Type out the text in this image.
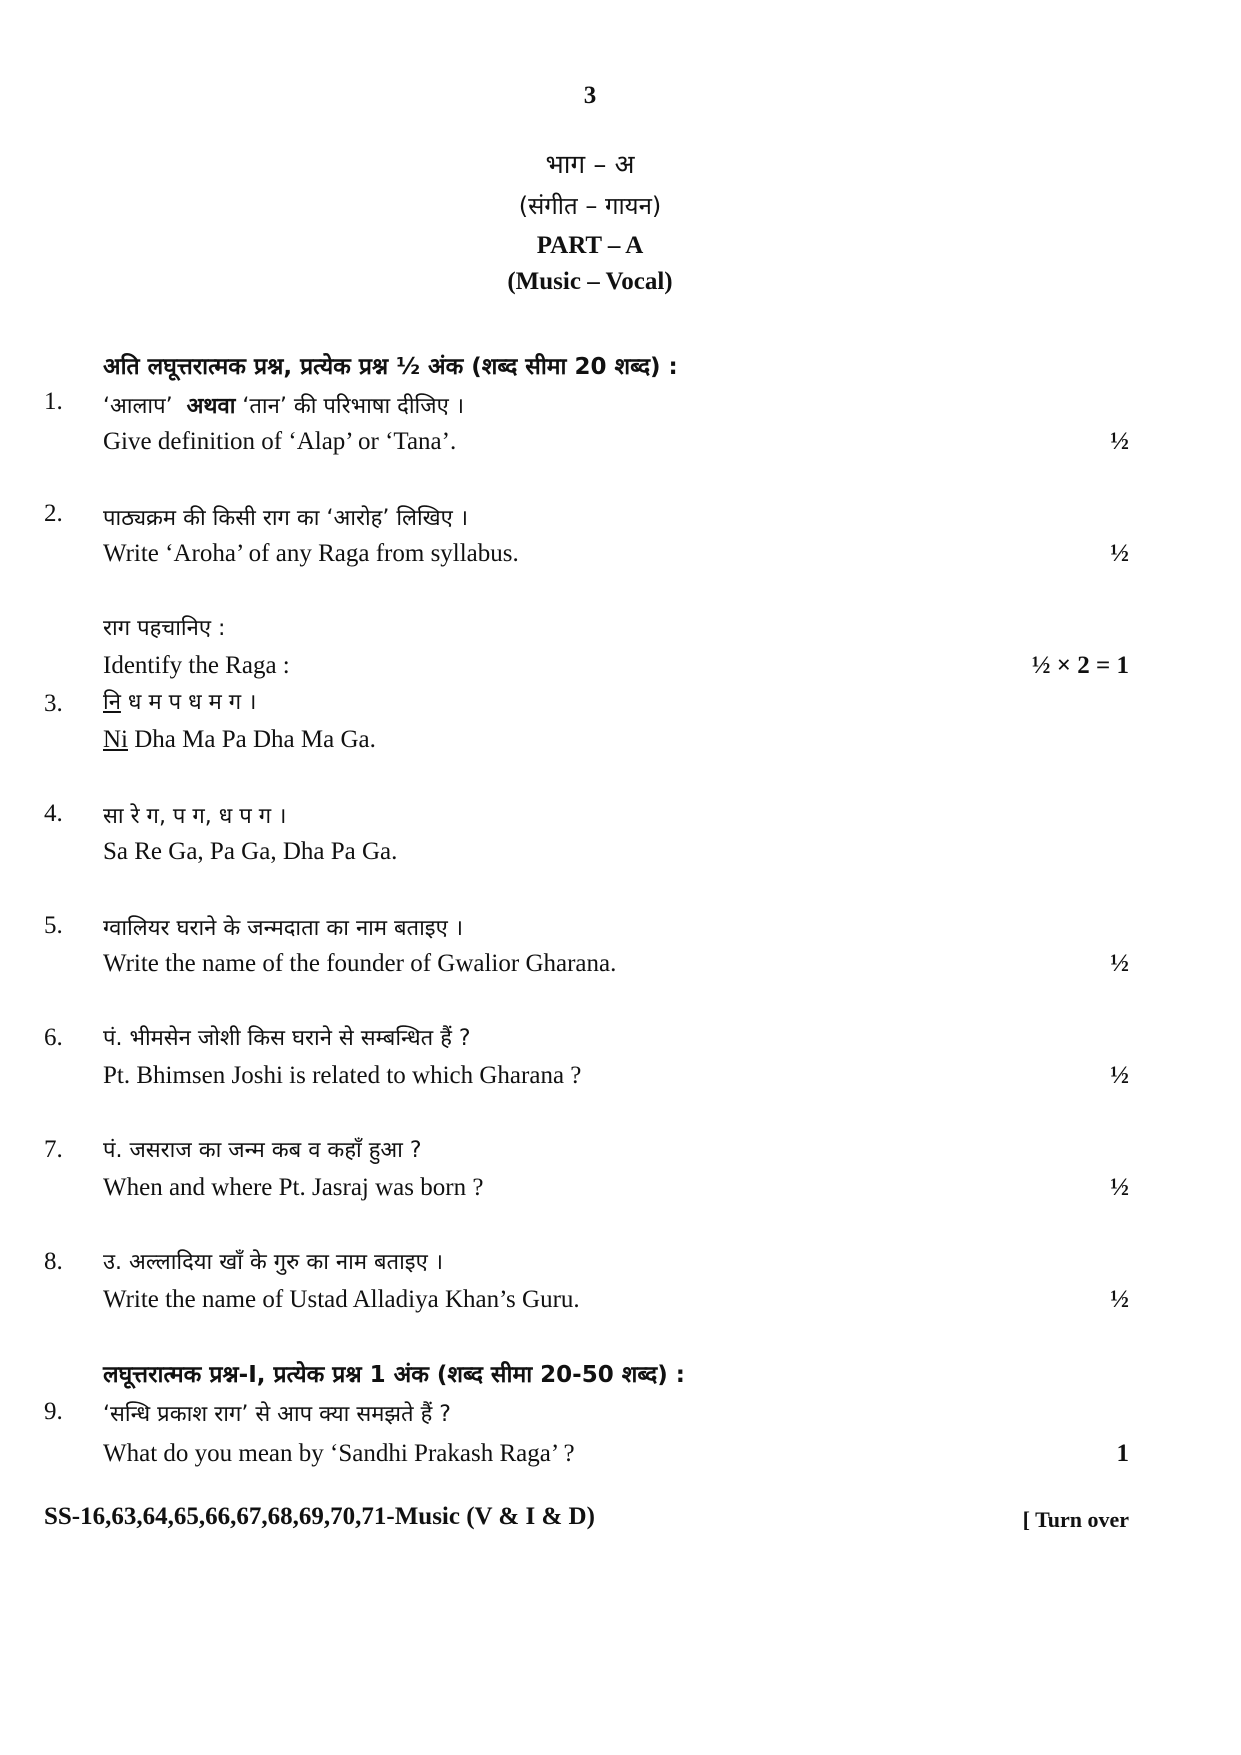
3
भाग – अ
(संगीत – गायन)
PART – A
(Music – Vocal)
अति लघूत्तरात्मक प्रश्न, प्रत्येक प्रश्न ½ अंक (शब्द सीमा 20 शब्द) :
1. ‘आलाप’ अथवा ‘तान’ की परिभाषा दीजिए ।
Give definition of ‘Alap’ or ‘Tana’.	½
2. पाठ्यक्रम की किसी राग का ‘आरोह’ लिखिए ।
Write ‘Aroha’ of any Raga from syllabus.	½
राग पहचानिए :
Identify the Raga :	½ × 2 = 1
3. नि ध म प ध म ग ।
Ni Dha Ma Pa Dha Ma Ga.
4. सा रे ग, प ग, ध प ग ।
Sa Re Ga, Pa Ga, Dha Pa Ga.
5. ग्वालियर घराने के जन्मदाता का नाम बताइए ।
Write the name of the founder of Gwalior Gharana.	½
6. पं. भीमसेन जोशी किस घराने से सम्बन्धित हैं ?
Pt. Bhimsen Joshi is related to which Gharana ?	½
7. पं. जसराज का जन्म कब व कहाँ हुआ ?
When and where Pt. Jasraj was born ?	½
8. उ. अल्लादिया खाँ के गुरु का नाम बताइए ।
Write the name of Ustad Alladiya Khan’s Guru.	½
लघूत्तरात्मक प्रश्न-I, प्रत्येक प्रश्न 1 अंक (शब्द सीमा 20-50 शब्द) :
9. ‘सन्धि प्रकाश राग’ से आप क्या समझते हैं ?
What do you mean by ‘Sandhi Prakash Raga’ ?	1
SS-16,63,64,65,66,67,68,69,70,71-Music (V & I & D)	[ Turn over
